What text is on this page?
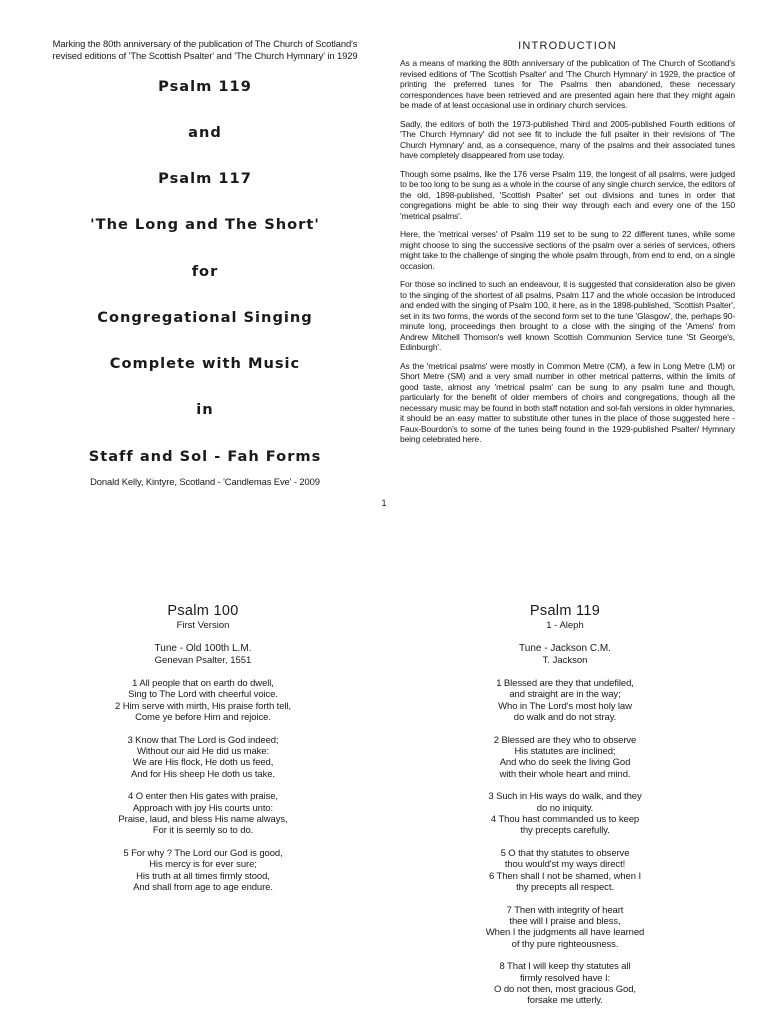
Marking the 80th anniversary of the publication of The Church of Scotland's
revised editions of 'The Scottish Psalter' and 'The Church Hymnary' in 1929
Psalm 119
and
Psalm 117
'The Long and The Short'
for
Congregational Singing
Complete with Music
in
Staff and Sol - Fah Forms
Donald Kelly, Kintyre, Scotland - 'Candlemas Eve' - 2009
INTRODUCTION

As a means of marking the 80th anniversary of the publication of The Church of Scotland's revised editions of 'The Scottish Psalter' and 'The Church Hymnary' in 1929, the practice of printing the preferred tunes for The Psalms then abandoned, these necessary correspondences have been retrieved and are presented again here that they might again be made of at least occasional use in ordinary church services.

Sadly, the editors of both the 1973-published Third and 2005-published Fourth editions of 'The Church Hymnary' did not see fit to include the full psalter in their revisions of 'The Church Hymnary' and, as a consequence, many of the psalms and their associated tunes have completely disappeared from use today.

Though some psalms, like the 176 verse Psalm 119, the longest of all psalms, were judged to be too long to be sung as a whole in the course of any single church service, the editors of the old, 1898-published, 'Scottish Psalter' set out divisions and tunes in order that congregations might be able to sing their way through each and every one of the 150 'metrical psalms'.

Here, the 'metrical verses' of Psalm 119 set to be sung to 22 different tunes, while some might choose to sing the successive sections of the psalm over a series of services, others might take to the challenge of singing the whole psalm through, from end to end, on a single occasion.

For those so inclined to such an endeavour, it is suggested that consideration also be given to the singing of the shortest of all psalms, Psalm 117 and the whole occasion be introduced and ended with the singing of Psalm 100, it here, as in the 1898-published, 'Scottish Psalter', set in its two forms, the words of the second form set to the tune 'Glasgow', the, perhaps 90-minute long, proceedings then brought to a close with the singing of the 'Amens' from Andrew Mitchell Thomson's well known Scottish Communion Service tune 'St George's, Edinburgh'.

As the 'metrical psalms' were mostly in Common Metre (CM), a few in Long Metre (LM) or Short Metre (SM) and a very small number in other metrical patterns, within the limits of good taste, almost any 'metrical psalm' can be sung to any psalm tune and though, particularly for the benefit of older members of choirs and congregations, though all the necessary music may be found in both staff notation and sol-fah versions in older hymnaries, it should be an easy matter to substitute other tunes in the place of those suggested here - Faux-Bourdon's to some of the tunes being found in the 1929-published Psalter/ Hymnary being celebrated here.

1
Psalm 100
First Version
Tune - Old 100th L.M.
Genevan Psalter, 1551
1 All people that on earth do dwell,
Sing to The Lord with cheerful voice.
2 Him serve with mirth, His praise forth tell,
Come ye before Him and rejoice.
3 Know that The Lord is God indeed;
Without our aid He did us make:
We are His flock, He doth us feed,
And for His sheep He doth us take.
4 O enter then His gates with praise,
Approach with joy His courts unto:
Praise, laud, and bless His name always,
For it is seemly so to do.
5 For why ? The Lord our God is good,
His mercy is for ever sure;
His truth at all times firmly stood,
And shall from age to age endure.
Psalm 119
1 - Aleph
Tune - Jackson C.M.
T. Jackson
1 Blessed are they that undefiled,
and straight are in the way;
Who in The Lord's most holy law
do walk and do not stray.
2 Blessed are they who to observe
His statutes are inclined;
And who do seek the living God
with their whole heart and mind.
3 Such in His ways do walk, and they
do no iniquity.
4 Thou hast commanded us to keep
thy precepts carefully.
5 O that thy statutes to observe
thou would'st my ways direct!
6 Then shall I not be shamed, when I
thy precepts all respect.
7 Then with integrity of heart
thee will I praise and bless,
When I the judgments all have learned
of thy pure righteousness.
8 That I will keep thy statutes all
firmly resolved have I:
O do not then, most gracious God,
forsake me utterly.
